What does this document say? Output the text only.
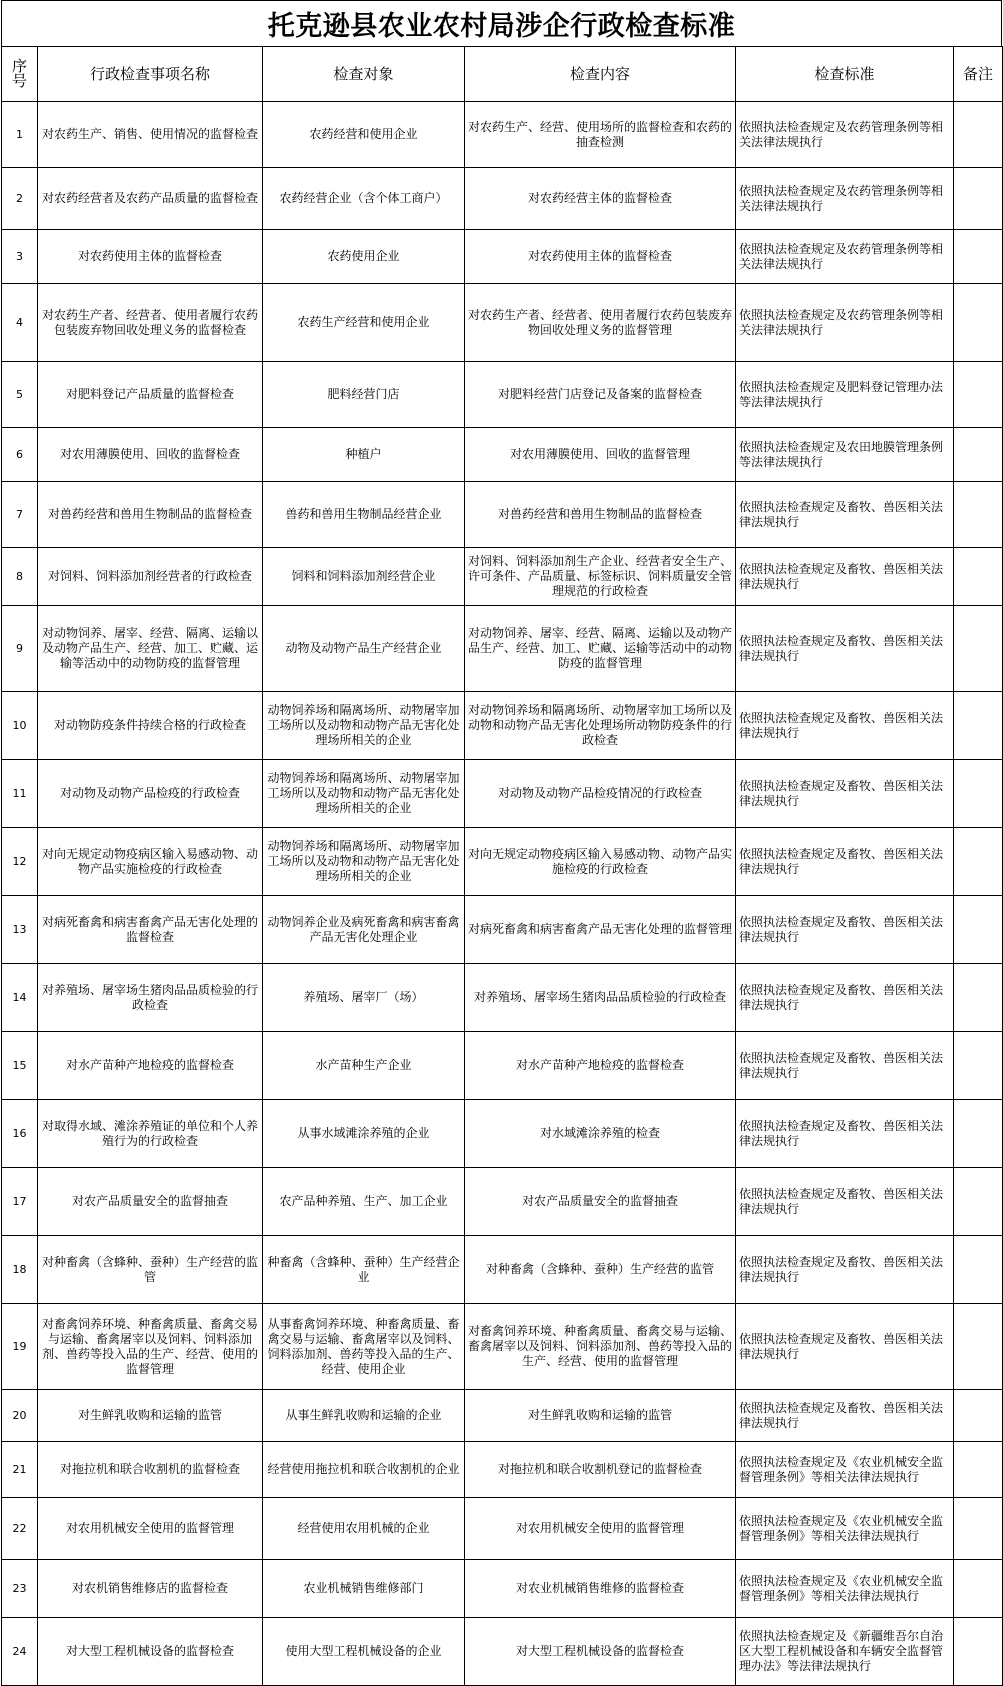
托克逊县农业农村局涉企行政检查标准
序号	行政检查事项名称	检查对象	检查内容	检查标准	备注
1	对农药生产、销售、使用情况的监督检查	农药经营和使用企业	对农药生产、经营、使用场所的监督检查和农药的抽查检测	依照执法检查规定及农药管理条例等相关法律法规执行	
2	对农药经营者及农药产品质量的监督检查	农药经营企业（含个体工商户）	对农药经营主体的监督检查	依照执法检查规定及农药管理条例等相关法律法规执行	
3	对农药使用主体的监督检查	农药使用企业	对农药使用主体的监督检查	依照执法检查规定及农药管理条例等相关法律法规执行	
4	对农药生产者、经营者、使用者履行农药包装废弃物回收处理义务的监督检查	农药生产经营和使用企业	对农药生产者、经营者、使用者履行农药包装废弃物回收处理义务的监督管理	依照执法检查规定及农药管理条例等相关法律法规执行	
5	对肥料登记产品质量的监督检查	肥料经营门店	对肥料经营门店登记及备案的监督检查	依照执法检查规定及肥料登记管理办法等法律法规执行	
6	对农用薄膜使用、回收的监督检查	种植户	对农用薄膜使用、回收的监督管理	依照执法检查规定及农田地膜管理条例等法律法规执行	
7	对兽药经营和兽用生物制品的监督检查	兽药和兽用生物制品经营企业	对兽药经营和兽用生物制品的监督检查	依照执法检查规定及畜牧、兽医相关法律法规执行	
8	对饲料、饲料添加剂经营者的行政检查	饲料和饲料添加剂经营企业	对饲料、饲料添加剂生产企业、经营者安全生产、许可条件、产品质量、标签标识、饲料质量安全管理规范的行政检查	依照执法检查规定及畜牧、兽医相关法律法规执行	
9	对动物饲养、屠宰、经营、隔离、运输以及动物产品生产、经营、加工、贮藏、运输等活动中的动物防疫的监督管理	动物及动物产品生产经营企业	对动物饲养、屠宰、经营、隔离、运输以及动物产品生产、经营、加工、贮藏、运输等活动中的动物防疫的监督管理	依照执法检查规定及畜牧、兽医相关法律法规执行	
10	对动物防疫条件持续合格的行政检查	动物饲养场和隔离场所、动物屠宰加工场所以及动物和动物产品无害化处理场所相关的企业	对动物饲养场和隔离场所、动物屠宰加工场所以及动物和动物产品无害化处理场所动物防疫条件的行政检查	依照执法检查规定及畜牧、兽医相关法律法规执行	
11	对动物及动物产品检疫的行政检查	动物饲养场和隔离场所、动物屠宰加工场所以及动物和动物产品无害化处理场所相关的企业	对动物及动物产品检疫情况的行政检查	依照执法检查规定及畜牧、兽医相关法律法规执行	
12	对向无规定动物疫病区输入易感动物、动物产品实施检疫的行政检查	动物饲养场和隔离场所、动物屠宰加工场所以及动物和动物产品无害化处理场所相关的企业	对向无规定动物疫病区输入易感动物、动物产品实施检疫的行政检查	依照执法检查规定及畜牧、兽医相关法律法规执行	
13	对病死畜禽和病害畜禽产品无害化处理的监督检查	动物饲养企业及病死畜禽和病害畜禽产品无害化处理企业	对病死畜禽和病害畜禽产品无害化处理的监督管理	依照执法检查规定及畜牧、兽医相关法律法规执行	
14	对养殖场、屠宰场生猪肉品品质检验的行政检查	养殖场、屠宰厂（场）	对养殖场、屠宰场生猪肉品品质检验的行政检查	依照执法检查规定及畜牧、兽医相关法律法规执行	
15	对水产苗种产地检疫的监督检查	水产苗种生产企业	对水产苗种产地检疫的监督检查	依照执法检查规定及畜牧、兽医相关法律法规执行	
16	对取得水域、滩涂养殖证的单位和个人养殖行为的行政检查	从事水域滩涂养殖的企业	对水域滩涂养殖的检查	依照执法检查规定及畜牧、兽医相关法律法规执行	
17	对农产品质量安全的监督抽查	农产品种养殖、生产、加工企业	对农产品质量安全的监督抽查	依照执法检查规定及畜牧、兽医相关法律法规执行	
18	对种畜禽（含蜂种、蚕种）生产经营的监管	种畜禽（含蜂种、蚕种）生产经营企业	对种畜禽（含蜂种、蚕种）生产经营的监管	依照执法检查规定及畜牧、兽医相关法律法规执行	
19	对畜禽饲养环境、种畜禽质量、畜禽交易与运输、畜禽屠宰以及饲料、饲料添加剂、兽药等投入品的生产、经营、使用的监督管理	从事畜禽饲养环境、种畜禽质量、畜禽交易与运输、畜禽屠宰以及饲料、饲料添加剂、兽药等投入品的生产、经营、使用企业	对畜禽饲养环境、种畜禽质量、畜禽交易与运输、畜禽屠宰以及饲料、饲料添加剂、兽药等投入品的生产、经营、使用的监督管理	依照执法检查规定及畜牧、兽医相关法律法规执行	
20	对生鲜乳收购和运输的监管	从事生鲜乳收购和运输的企业	对生鲜乳收购和运输的监管	依照执法检查规定及畜牧、兽医相关法律法规执行	
21	对拖拉机和联合收割机的监督检查	经营使用拖拉机和联合收割机的企业	对拖拉机和联合收割机登记的监督检查	依照执法检查规定及《农业机械安全监督管理条例》等相关法律法规执行	
22	对农用机械安全使用的监督管理	经营使用农用机械的企业	对农用机械安全使用的监督管理	依照执法检查规定及《农业机械安全监督管理条例》等相关法律法规执行	
23	对农机销售维修店的监督检查	农业机械销售维修部门	对农业机械销售维修的监督检查	依照执法检查规定及《农业机械安全监督管理条例》等相关法律法规执行	
24	对大型工程机械设备的监督检查	使用大型工程机械设备的企业	对大型工程机械设备的监督检查	依照执法检查规定及《新疆维吾尔自治区大型工程机械设备和车辆安全监督管理办法》等法律法规执行	
